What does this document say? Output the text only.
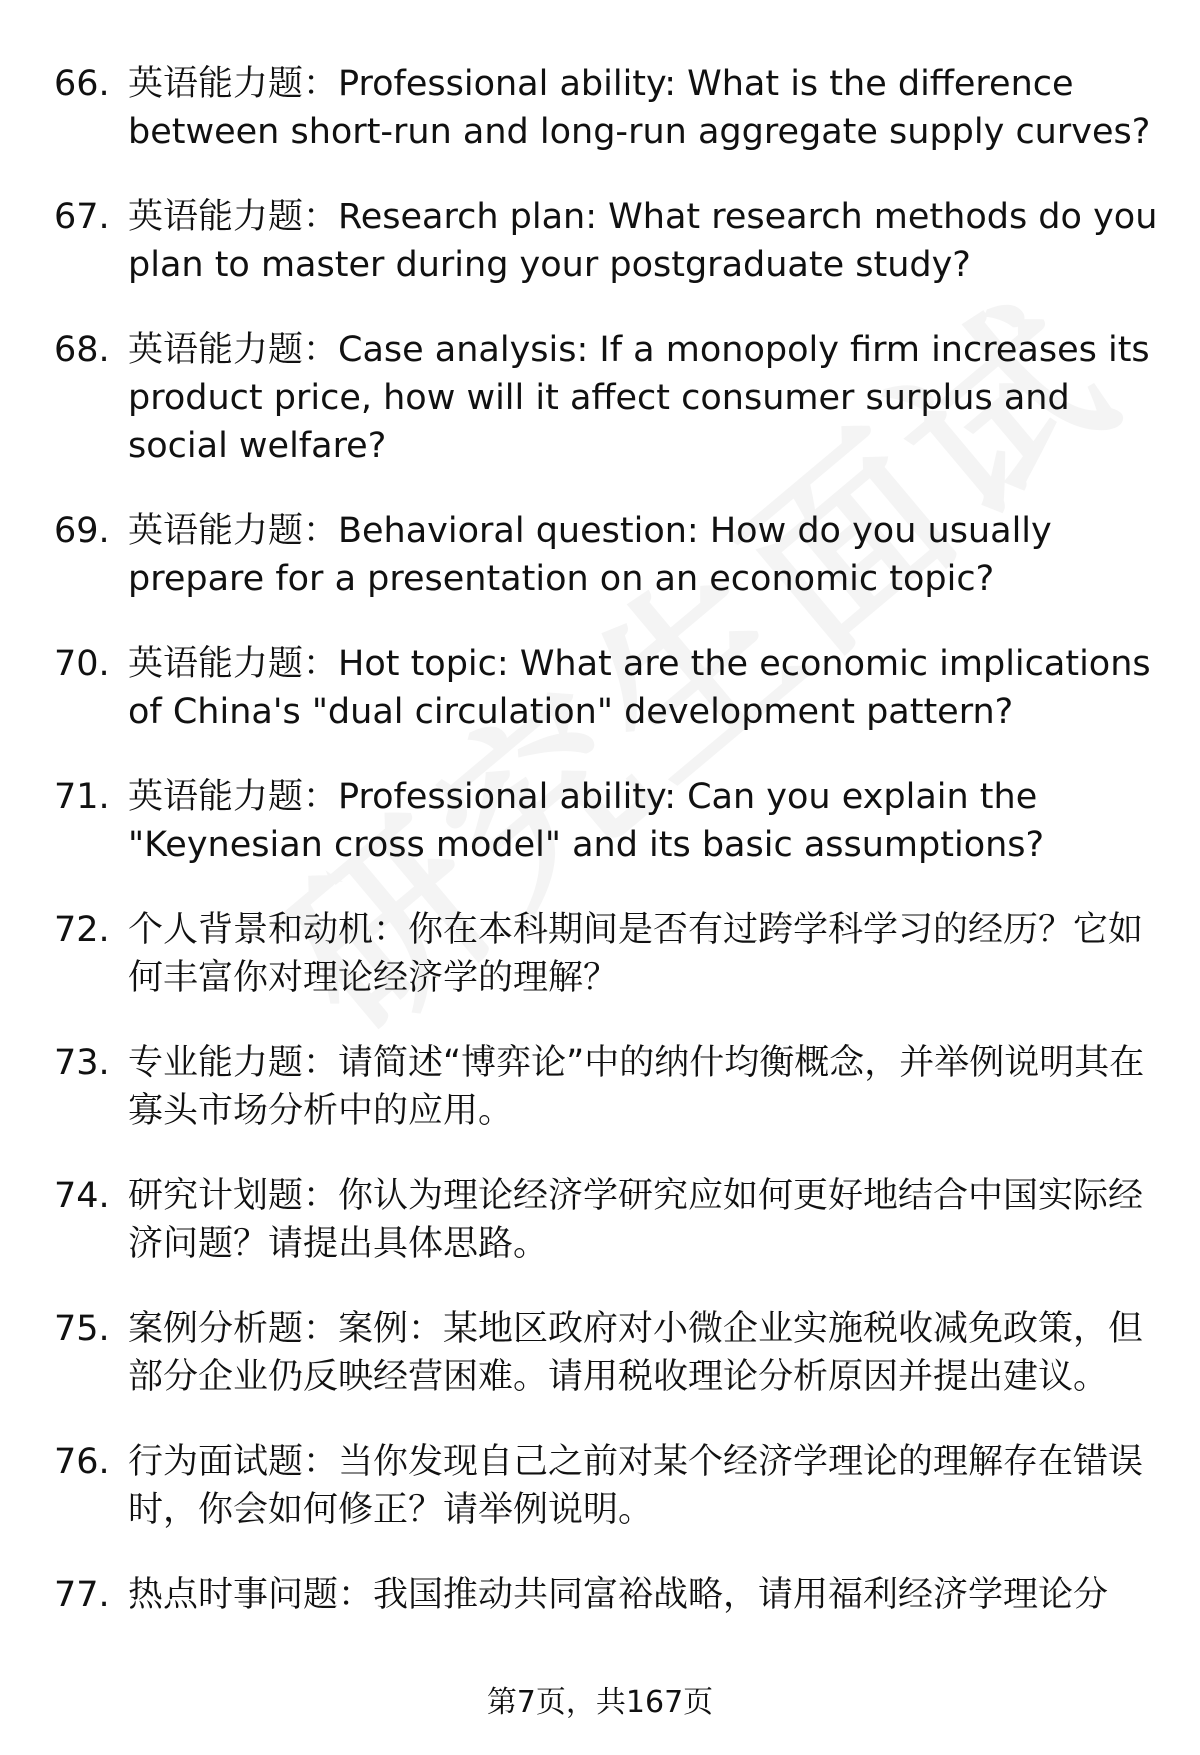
66. 英语能力题：Professional ability: What is the difference between short-run and long-run aggregate supply curves?
67. 英语能力题：Research plan: What research methods do you plan to master during your postgraduate study?
68. 英语能力题：Case analysis: If a monopoly firm increases its product price, how will it affect consumer surplus and social welfare?
69. 英语能力题：Behavioral question: How do you usually prepare for a presentation on an economic topic?
70. 英语能力题：Hot topic: What are the economic implications of China's "dual circulation" development pattern?
71. 英语能力题：Professional ability: Can you explain the "Keynesian cross model" and its basic assumptions?
72. 个人背景和动机：你在本科期间是否有过跨学科学习的经历？它如何丰富你对理论经济学的理解？
73. 专业能力题：请简述“博弈论”中的纳什均衡概念，并举例说明其在寡头市场分析中的应用。
74. 研究计划题：你认为理论经济学研究应如何更好地结合中国实际经济问题？请提出具体思路。
75. 案例分析题：案例：某地区政府对小微企业实施税收减免政策，但部分企业仍反映经营困难。请用税收理论分析原因并提出建议。
76. 行为面试题：当你发现自己之前对某个经济学理论的理解存在错误时，你会如何修正？请举例说明。
77. 热点时事问题：我国推动共同富裕战略，请用福利经济学理论分
第7页，共167页
